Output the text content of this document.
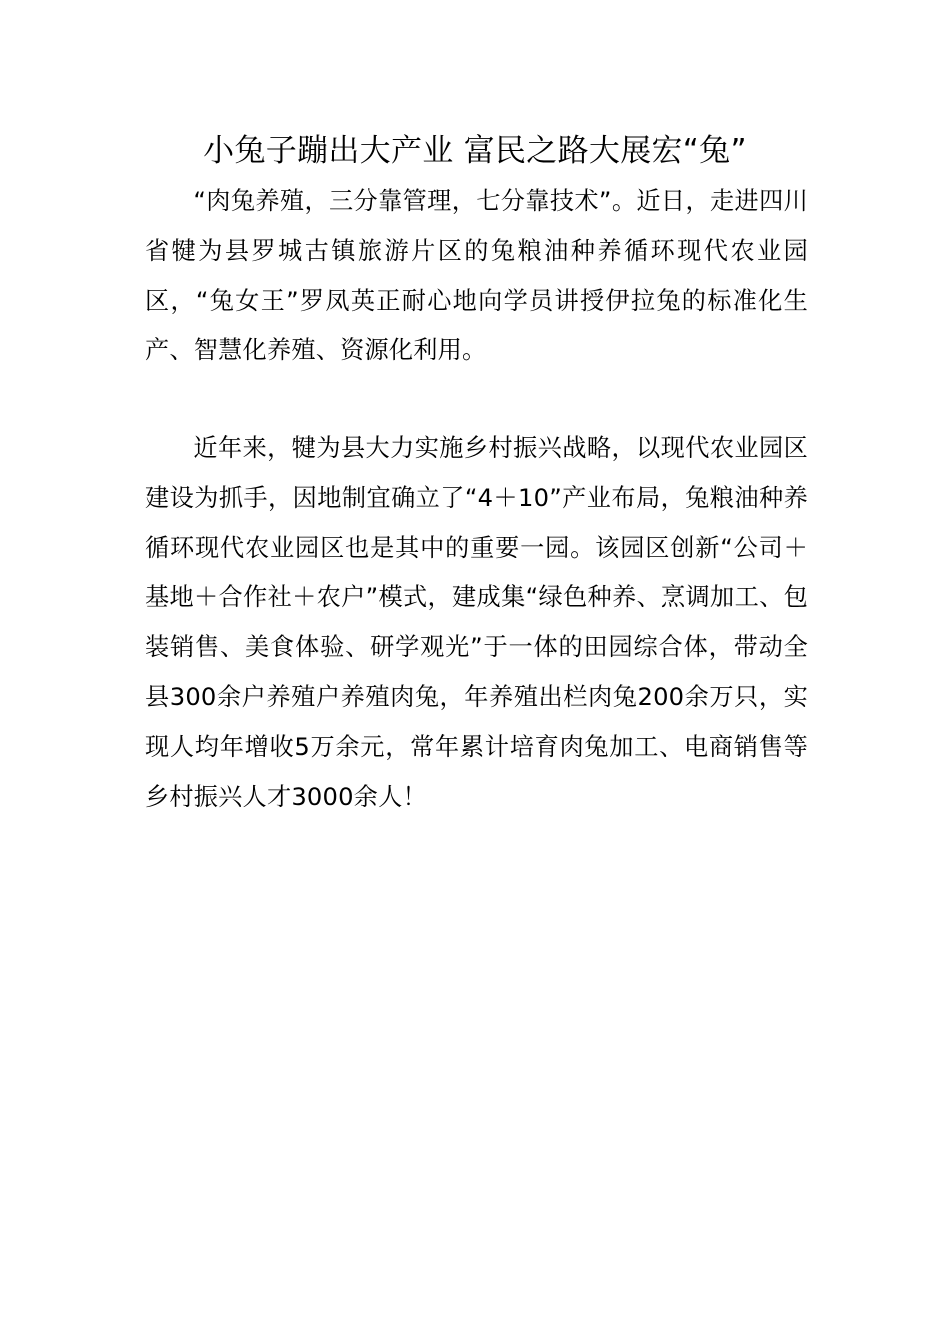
小兔子蹦出大产业 富民之路大展宏“兔”

“肉兔养殖，三分靠管理，七分靠技术”。近日，走进四川省犍为县罗城古镇旅游片区的兔粮油种养循环现代农业园区，“兔女王”罗凤英正耐心地向学员讲授伊拉兔的标准化生产、智慧化养殖、资源化利用。

近年来，犍为县大力实施乡村振兴战略，以现代农业园区建设为抓手，因地制宜确立了“4＋10”产业布局，兔粮油种养循环现代农业园区也是其中的重要一园。该园区创新“公司＋基地＋合作社＋农户”模式，建成集“绿色种养、烹调加工、包装销售、美食体验、研学观光”于一体的田园综合体，带动全县300余户养殖户养殖肉兔，年养殖出栏肉兔200余万只，实现人均年增收5万余元，常年累计培育肉兔加工、电商销售等乡村振兴人才3000余人！
